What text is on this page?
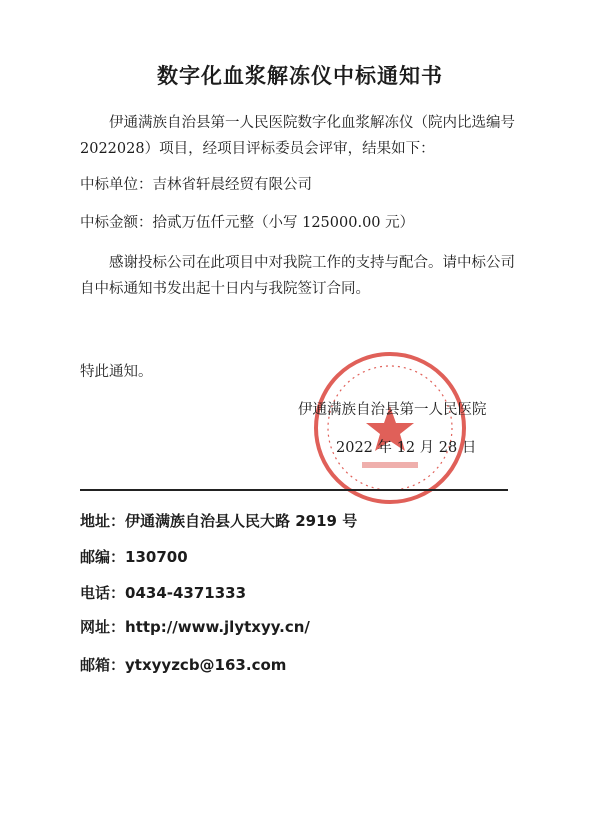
数字化血浆解冻仪中标通知书
伊通满族自治县第一人民医院数字化血浆解冻仪（院内比选编号 2022028）项目，经项目评标委员会评审，结果如下：
中标单位：吉林省轩晨经贸有限公司
中标金额：拾贰万伍仟元整（小写 125000.00 元）
感谢投标公司在此项目中对我院工作的支持与配合。请中标公司自中标通知书发出起十日内与我院签订合同。
特此通知。
伊通满族自治县第一人民医院
2022 年 12 月 28 日
地址：伊通满族自治县人民大路 2919 号
邮编：130700
电话：0434-4371333
网址：http://www.jlytxyy.cn/
邮箱：ytxyyzcb@163.com
